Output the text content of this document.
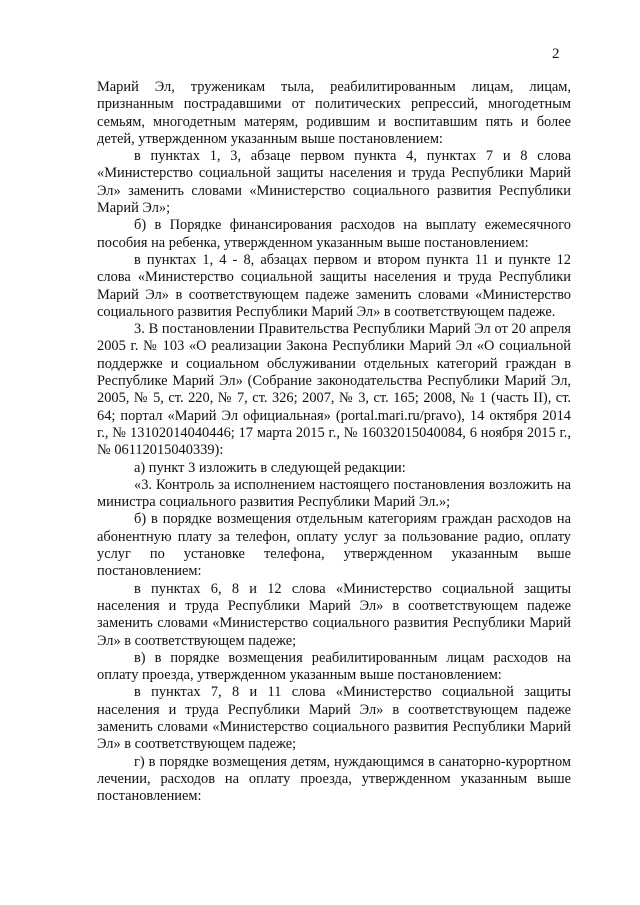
2

Марий Эл, труженикам тыла, реабилитированным лицам, лицам, признанным пострадавшими от политических репрессий, многодетным семьям, многодетным матерям, родившим и воспитавшим пять и более детей, утвержденном указанным выше постановлением:

в пунктах 1, 3, абзаце первом пункта 4, пунктах 7 и 8 слова «Министерство социальной защиты населения и труда Республики Марий Эл» заменить словами «Министерство социального развития Республики Марий Эл»;

б) в Порядке финансирования расходов на выплату ежемесячного пособия на ребенка, утвержденном указанным выше постановлением:

в пунктах 1, 4 - 8, абзацах первом и втором пункта 11 и пункте 12 слова «Министерство социальной защиты населения и труда Республики Марий Эл» в соответствующем падеже заменить словами «Министерство социального развития Республики Марий Эл» в соответствующем падеже.

3. В постановлении Правительства Республики Марий Эл от 20 апреля 2005 г. № 103 «О реализации Закона Республики Марий Эл «О социальной поддержке и социальном обслуживании отдельных категорий граждан в Республике Марий Эл» (Собрание законодательства Республики Марий Эл, 2005, № 5, ст. 220, № 7, ст. 326; 2007, № 3, ст. 165; 2008, № 1 (часть II), ст. 64; портал «Марий Эл официальная» (portal.mari.ru/pravo), 14 октября 2014 г., № 13102014040446; 17 марта 2015 г., № 16032015040084, 6 ноября 2015 г., № 06112015040339):

а) пункт 3 изложить в следующей редакции:

«3. Контроль за исполнением настоящего постановления возложить на министра социального развития Республики Марий Эл.»;

б) в порядке возмещения отдельным категориям граждан расходов на абонентную плату за телефон, оплату услуг за пользование радио, оплату услуг по установке телефона, утвержденном указанным выше постановлением:

в пунктах 6, 8 и 12 слова «Министерство социальной защиты населения и труда Республики Марий Эл» в соответствующем падеже заменить словами «Министерство социального развития Республики Марий Эл» в соответствующем падеже;

в) в порядке возмещения реабилитированным лицам расходов на оплату проезда, утвержденном указанным выше постановлением:

в пунктах 7, 8 и 11 слова «Министерство социальной защиты населения и труда Республики Марий Эл» в соответствующем падеже заменить словами «Министерство социального развития Республики Марий Эл» в соответствующем падеже;

г) в порядке возмещения детям, нуждающимся в санаторно-курортном лечении, расходов на оплату проезда, утвержденном указанным выше постановлением:
